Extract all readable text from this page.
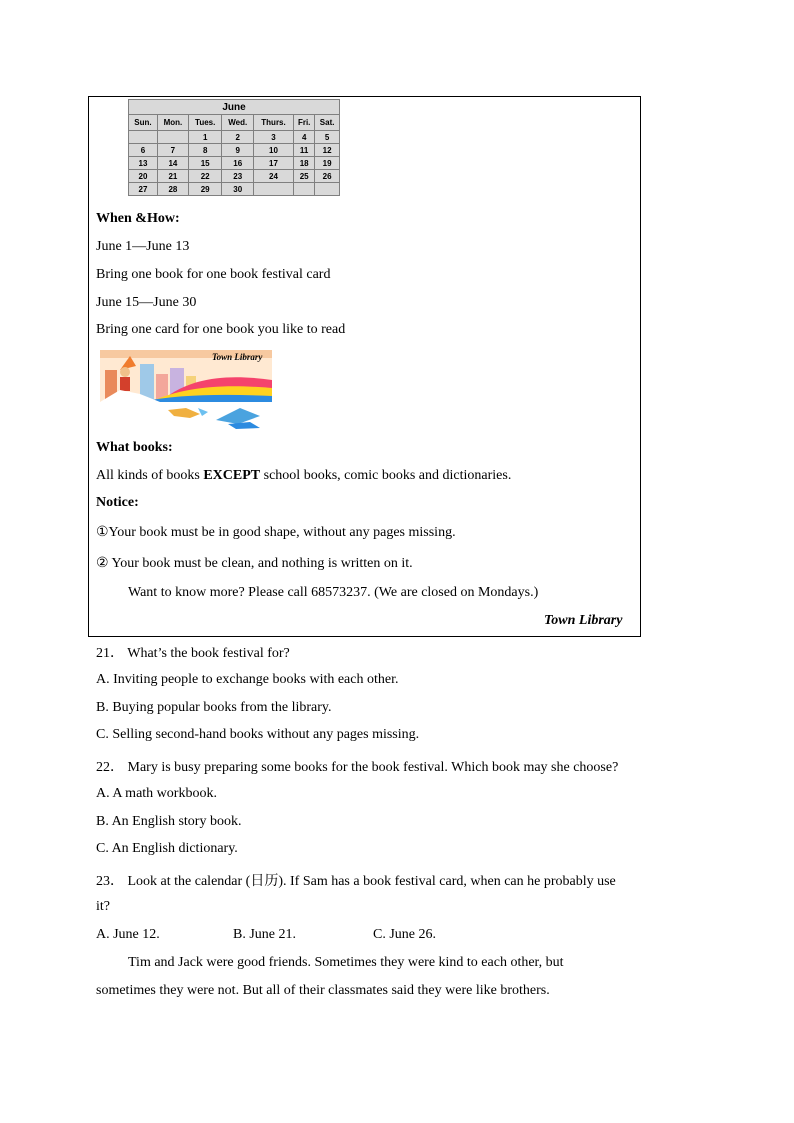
June						
Sun.	Mon.	Tues.	Wed.	Thurs.	Fri.	Sat.
		1	2	3	4	5
6	7	8	9	10	11	12
13	14	15	16	17	18	19
20	21	22	23	24	25	26
27	28	29	30			
Town Library
When &How:
June 1—June 13
Bring one book for one book festival card
June 15—June 30
Bring one card for one book you like to read
What books:
All kinds of books EXCEPT school books, comic books and dictionaries.
Notice:
①Your book must be in good shape, without any pages missing.
② Your book must be clean, and nothing is written on it.
Want to know more? Please call 68573237. (We are closed on Mondays.)
Town Library
21． What’s the book festival for?
A. Inviting people to exchange books with each other.
B. Buying popular books from the library.
C. Selling second-hand books without any pages missing.
22． Mary is busy preparing some books for the book festival. Which book may she choose?
A. A math workbook.
B. An English story book.
C. An English dictionary.
23． Look at the calendar (日历). If Sam has a book festival card, when can he probably use
it?
A. June 12.	B. June 21.	C. June 26.
Tim and Jack were good friends. Sometimes they were kind to each other, but
sometimes they were not. But all of their classmates said they were like brothers.
